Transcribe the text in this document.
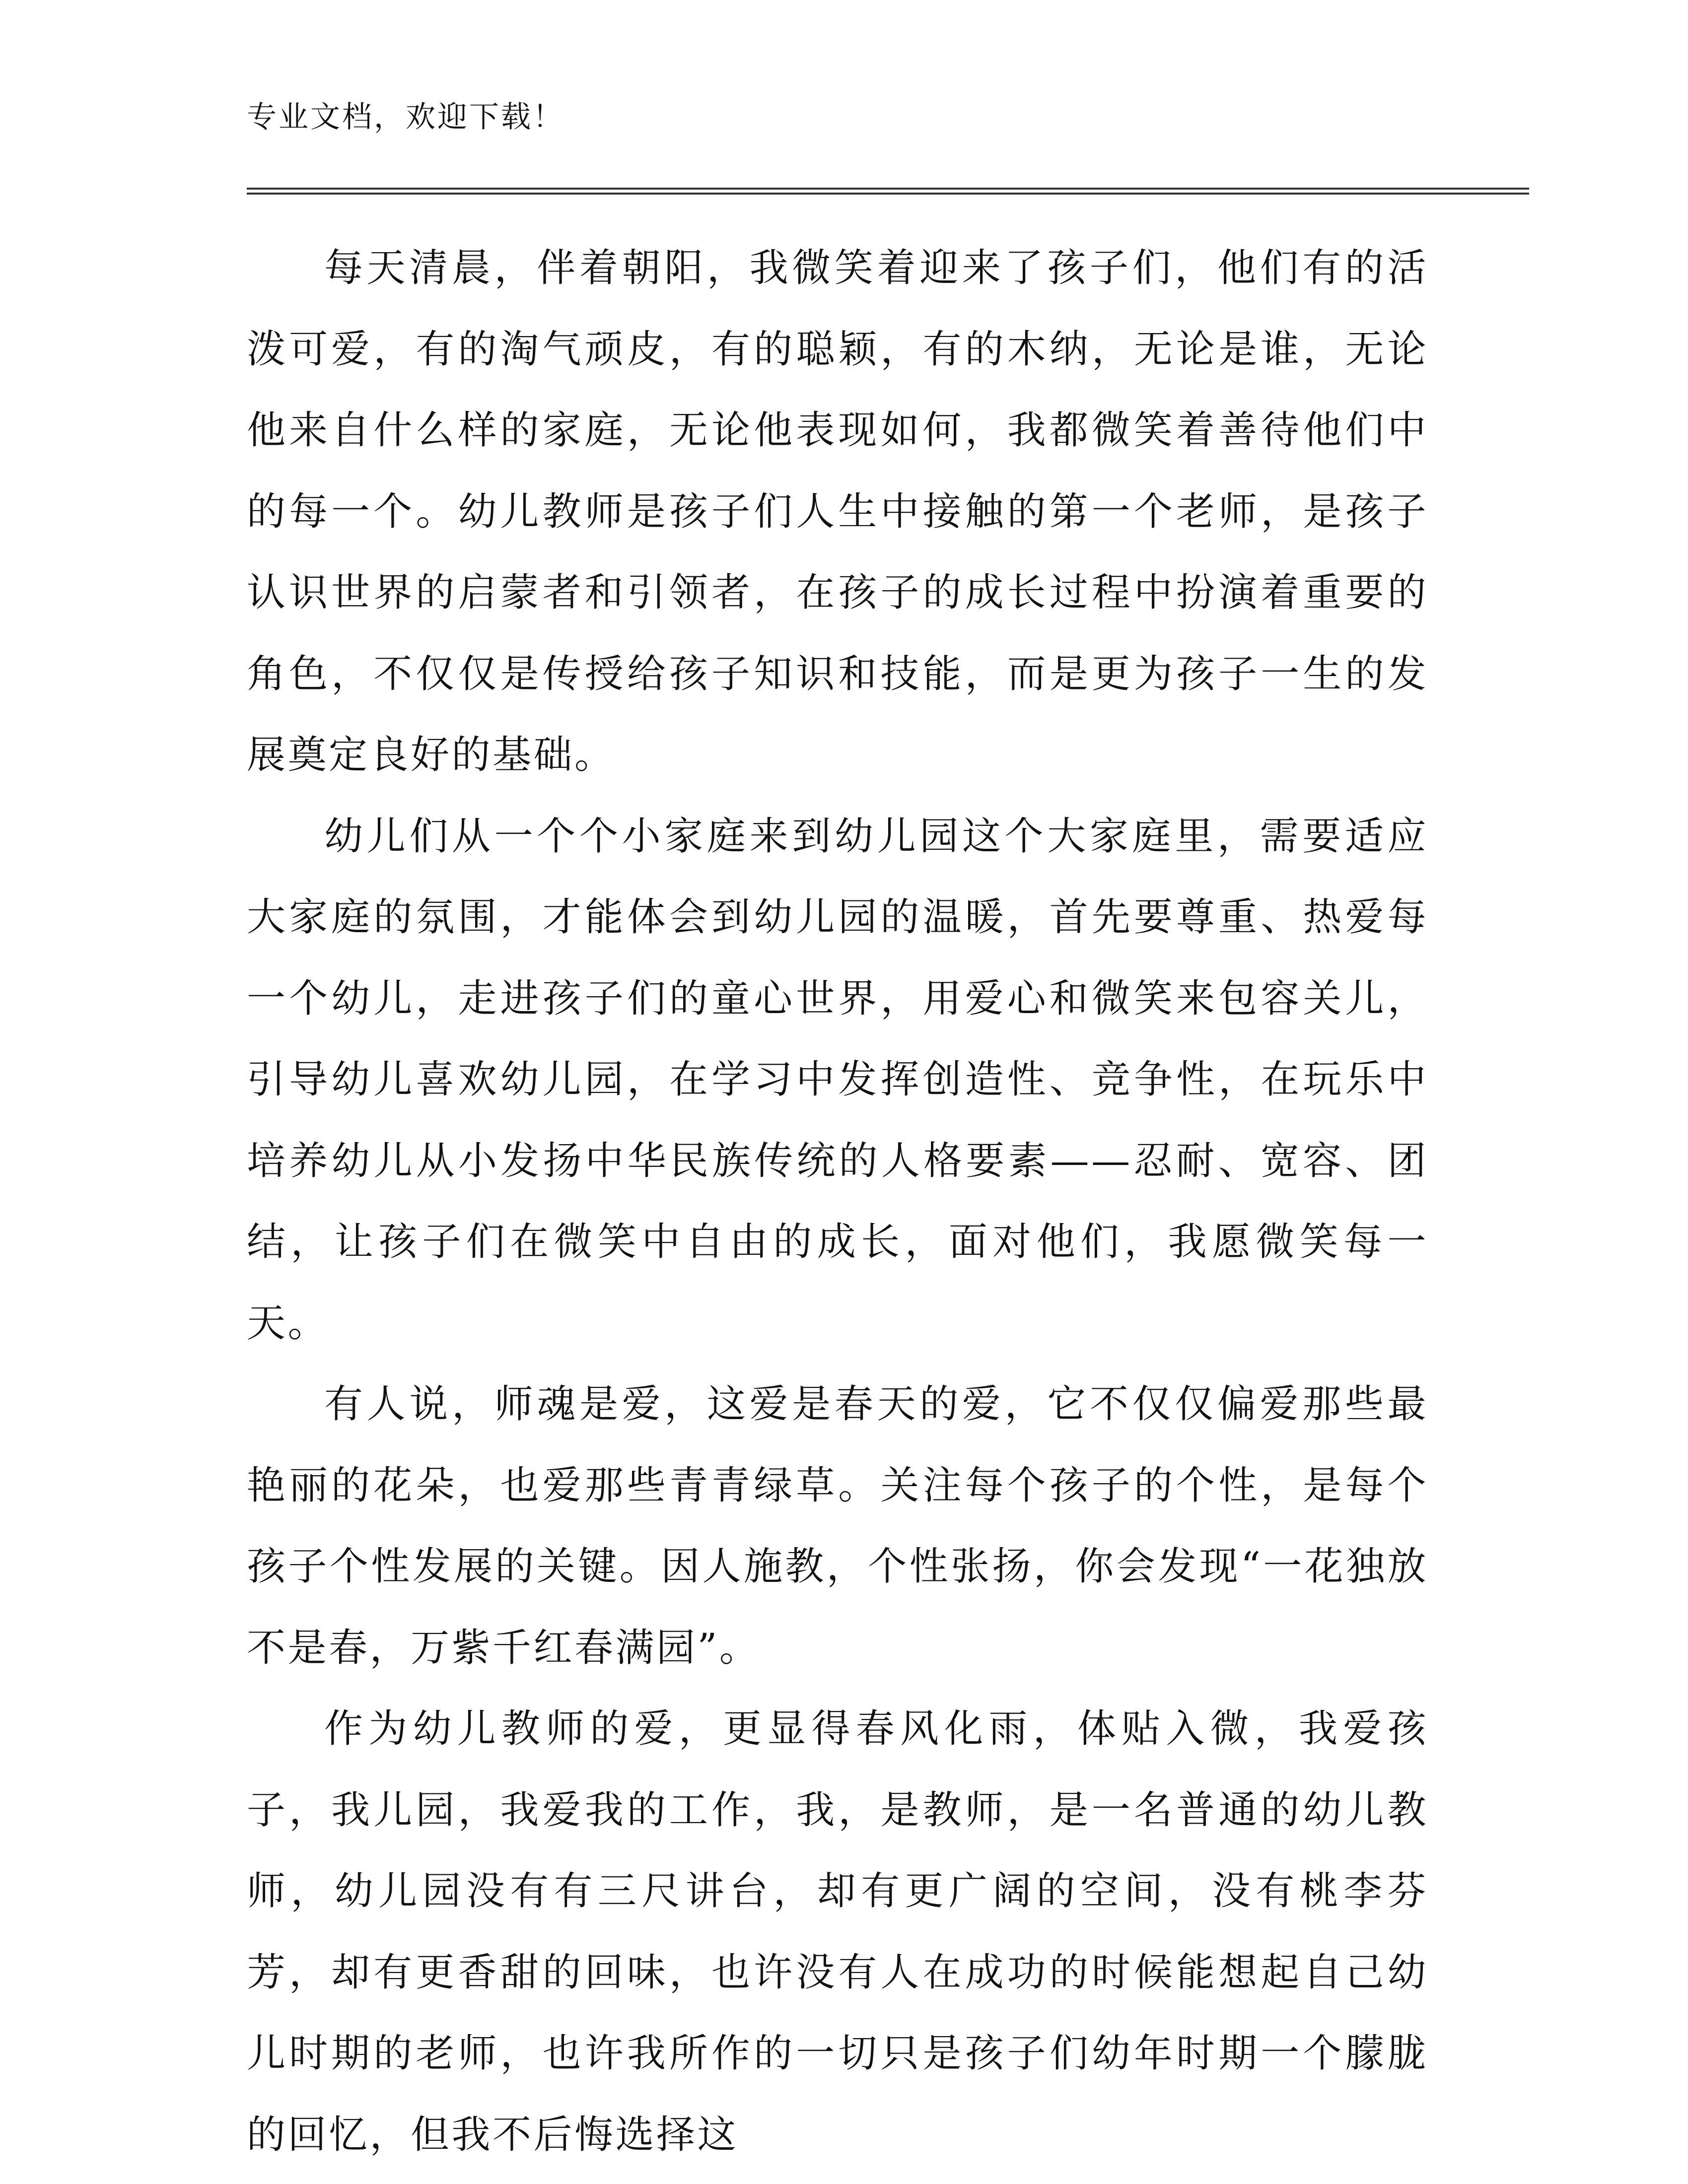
专业文档，欢迎下载！

每天清晨，伴着朝阳，我微笑着迎来了孩子们，他们有的活泼可爱，有的淘气顽皮，有的聪颖，有的木纳，无论是谁，无论他来自什么样的家庭，无论他表现如何，我都微笑着善待他们中的每一个。幼儿教师是孩子们人生中接触的第一个老师，是孩子认识世界的启蒙者和引领者，在孩子的成长过程中扮演着重要的角色，不仅仅是传授给孩子知识和技能，而是更为孩子一生的发展奠定良好的基础。

幼儿们从一个个小家庭来到幼儿园这个大家庭里，需要适应大家庭的氛围，才能体会到幼儿园的温暖，首先要尊重、热爱每一个幼儿，走进孩子们的童心世界，用爱心和微笑来包容关儿，引导幼儿喜欢幼儿园，在学习中发挥创造性、竞争性，在玩乐中培养幼儿从小发扬中华民族传统的人格要素——忍耐、宽容、团结，让孩子们在微笑中自由的成长，面对他们，我愿微笑每一天。

有人说，师魂是爱，这爱是春天的爱，它不仅仅偏爱那些最艳丽的花朵，也爱那些青青绿草。关注每个孩子的个性，是每个孩子个性发展的关键。因人施教，个性张扬，你会发现“一花独放不是春，万紫千红春满园”。

作为幼儿教师的爱，更显得春风化雨，体贴入微，我爱孩子，我儿园，我爱我的工作，我，是教师，是一名普通的幼儿教师，幼儿园没有有三尺讲台，却有更广阔的空间，没有桃李芬芳，却有更香甜的回味，也许没有人在成功的时候能想起自己幼儿时期的老师，也许我所作的一切只是孩子们幼年时期一个朦胧的回忆，但我不后悔选择这
